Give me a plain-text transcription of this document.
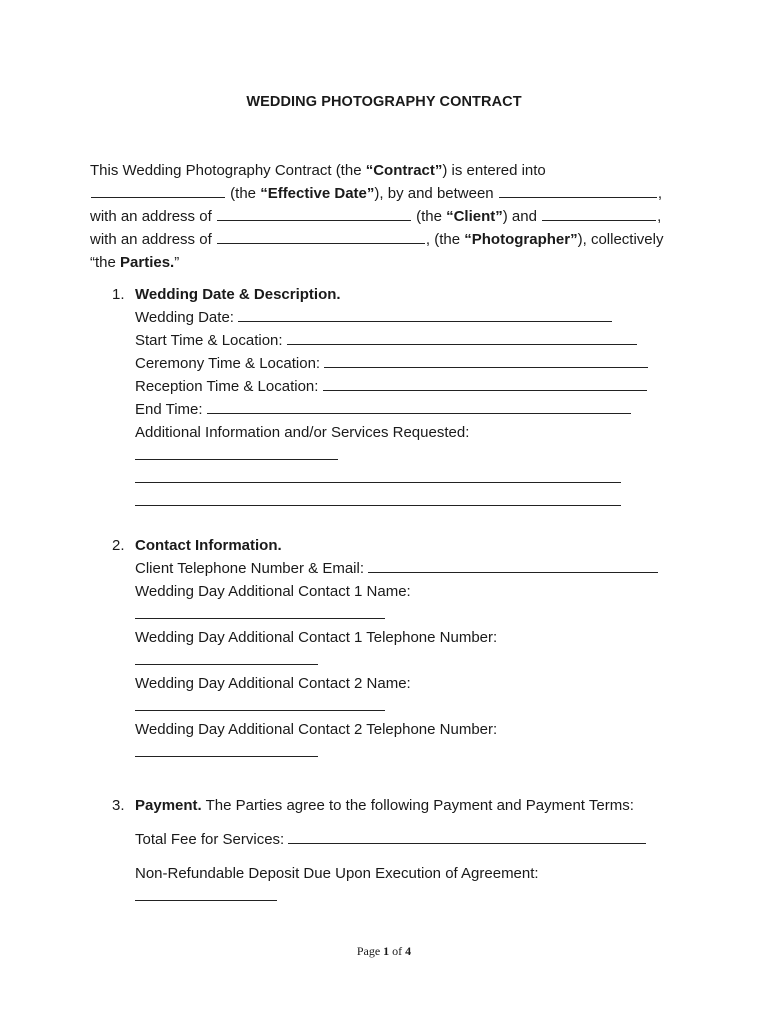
WEDDING PHOTOGRAPHY CONTRACT
This Wedding Photography Contract (the “Contract”) is entered into
(the “Effective Date”), by and between	,
with an address of	(the “Client”) and	,
with an address of	, (the “Photographer”), collectively
“the Parties.”
1. Wedding Date & Description.
Wedding Date:
Start Time & Location:
Ceremony Time & Location:
Reception Time & Location:
End Time:
Additional Information and/or Services Requested:
2. Contact Information.
Client Telephone Number & Email:
Wedding Day Additional Contact 1 Name:
Wedding Day Additional Contact 1 Telephone Number:
Wedding Day Additional Contact 2 Name:
Wedding Day Additional Contact 2 Telephone Number:
3. Payment. The Parties agree to the following Payment and Payment Terms:
Total Fee for Services:
Non-Refundable Deposit Due Upon Execution of Agreement:
Page 1 of 4
